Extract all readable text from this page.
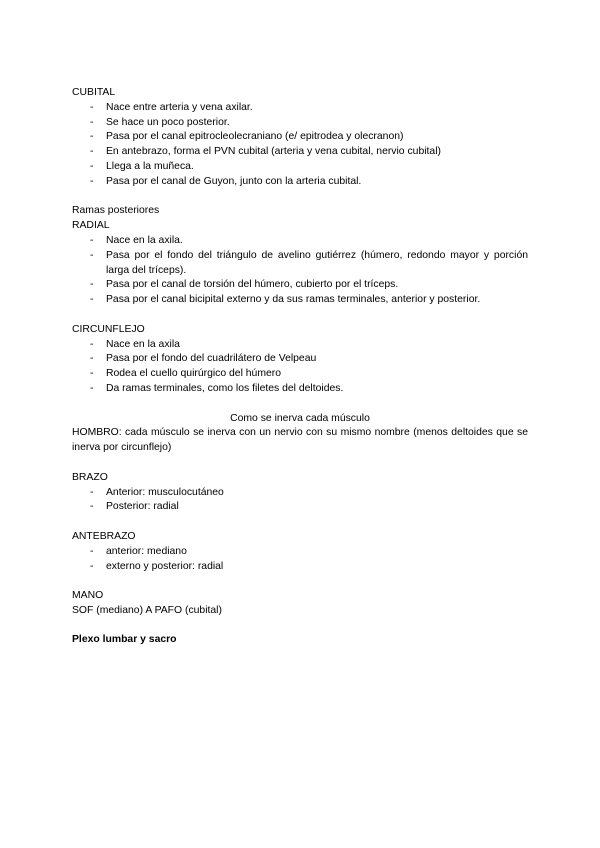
CUBITAL

- Nace entre arteria y vena axilar.
- Se hace un poco posterior.
- Pasa por el canal epitrocleolecraniano (e/ epitrodea y olecranon)
- En antebrazo, forma el PVN cubital (arteria y vena cubital, nervio cubital)
- Llega a la muñeca.
- Pasa por el canal de Guyon, junto con la arteria cubital.

Ramas posteriores

RADIAL

- Nace en la axila.
- Pasa por el fondo del triángulo de avelino gutiérrez (húmero, redondo mayor y porción larga del tríceps).
- Pasa por el canal de torsión del húmero, cubierto por el tríceps.
- Pasa por el canal bicipital externo y da sus ramas terminales, anterior y posterior.

CIRCUNFLEJO

- Nace en la axila
- Pasa por el fondo del cuadrilátero de Velpeau
- Rodea el cuello quirúrgico del húmero
- Da ramas terminales, como los filetes del deltoides.

Como se inerva cada músculo

HOMBRO: cada músculo se inerva con un nervio con su mismo nombre (menos deltoides que se inerva por circunflejo)

BRAZO

- Anterior: musculocutáneo
- Posterior: radial

ANTEBRAZO

- anterior: mediano
- externo y posterior: radial

MANO

SOF (mediano) A PAFO (cubital)

Plexo lumbar y sacro
